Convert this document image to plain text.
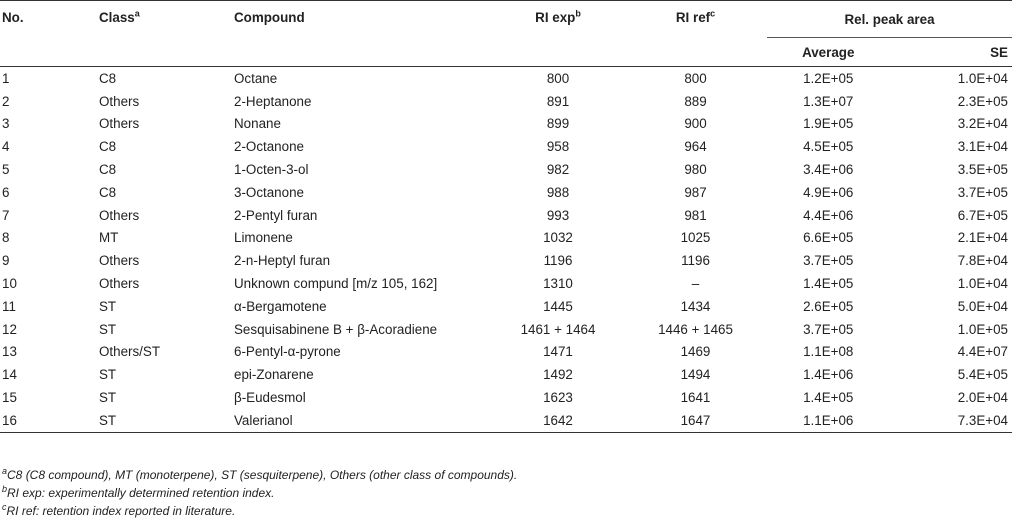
No.	Class$^a$	Compound	RI $\exp^b$	RI ref$^c$	Rel. peak area	
					Average	SE
1	C8	Octane	800	800	1.2E+05	1.0E+04
2	Others	2-Heptanone	891	889	1.3E+07	2.3E+05
3	Others	Nonane	899	900	1.9E+05	3.2E+04
4	C8	2-Octanone	958	964	4.5E+05	3.1E+04
5	C8	1-Octen-3-ol	982	980	3.4E+06	3.5E+05
6	C8	3-Octanone	988	987	4.9E+06	3.7E+05
7	Others	2-Pentyl furan	993	981	4.4E+06	6.7E+05
8	MT	Limonene	1032	1025	6.6E+05	2.1E+04
9	Others	2-n-Heptyl furan	1196	1196	3.7E+05	7.8E+04
10	Others	Unknown compund [m/z 105, 162]	1310	–	1.4E+05	1.0E+04
11	ST	α-Bergamotene	1445	1434	2.6E+05	5.0E+04
12	ST	Sesquisabinene B + β-Acoradiene	1461 + 1464	1446 + 1465	3.7E+05	1.0E+05
13	Others/ST	6-Pentyl-α-pyrone	1471	1469	1.1E+08	4.4E+07
14	ST	epi-Zonarene	1492	1494	1.4E+06	5.4E+05
15	ST	β-Eudesmol	1623	1641	1.4E+05	2.0E+04
16	ST	Valerianol	1642	1647	1.1E+06	7.3E+04
$^a$C8 (C8 compound), MT (monoterpene), ST (sesquiterpene), Others (other class of compounds).
$^b$RI exp: experimentally determined retention index.
$^c$RI ref: retention index reported in literature.
